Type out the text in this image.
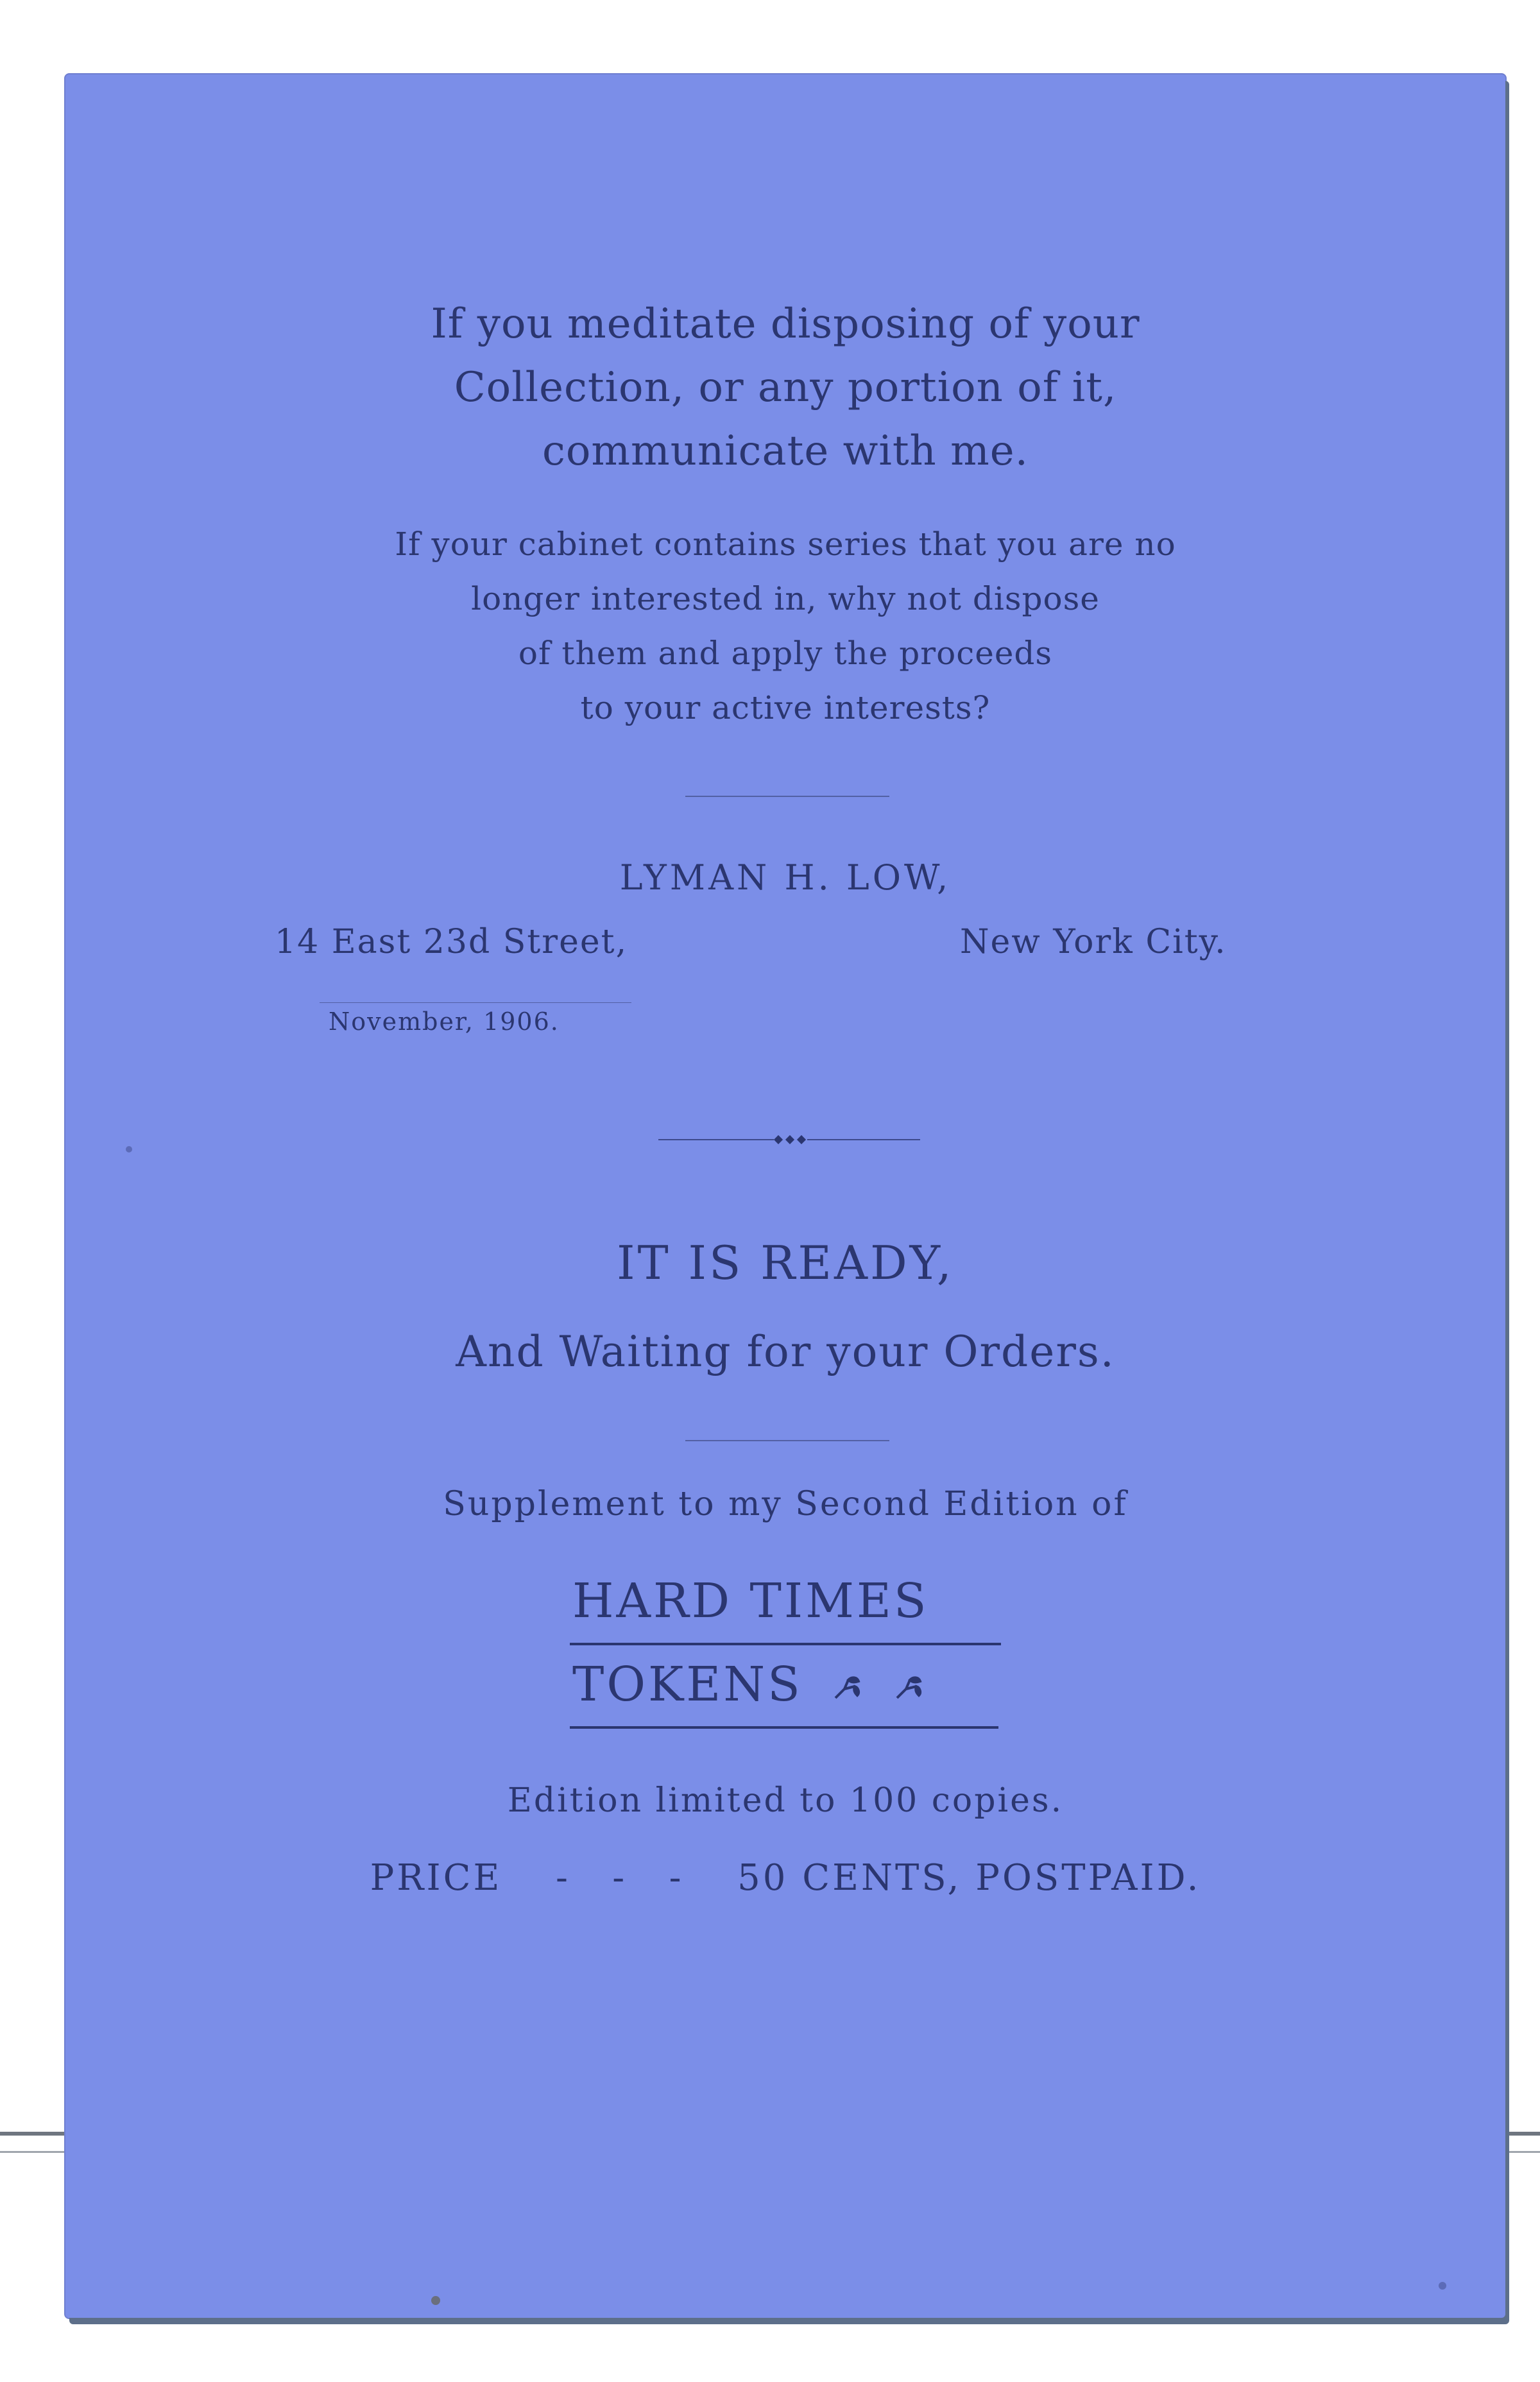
If you meditate disposing of your
Collection, or any portion of it,
communicate with me.
If your cabinet contains series that you are no
longer interested in, why not dispose
of them and apply the proceeds
to your active interests?
LYMAN H. LOW,
14 East 23d Street,	New York City.
November, 1906.
IT IS READY,
And Waiting for your Orders.
Supplement to my Second Edition of
HARD TIMES
TOKENS
Edition limited to 100 copies.
PRICE -   -   - 50 CENTS, POSTPAID.
